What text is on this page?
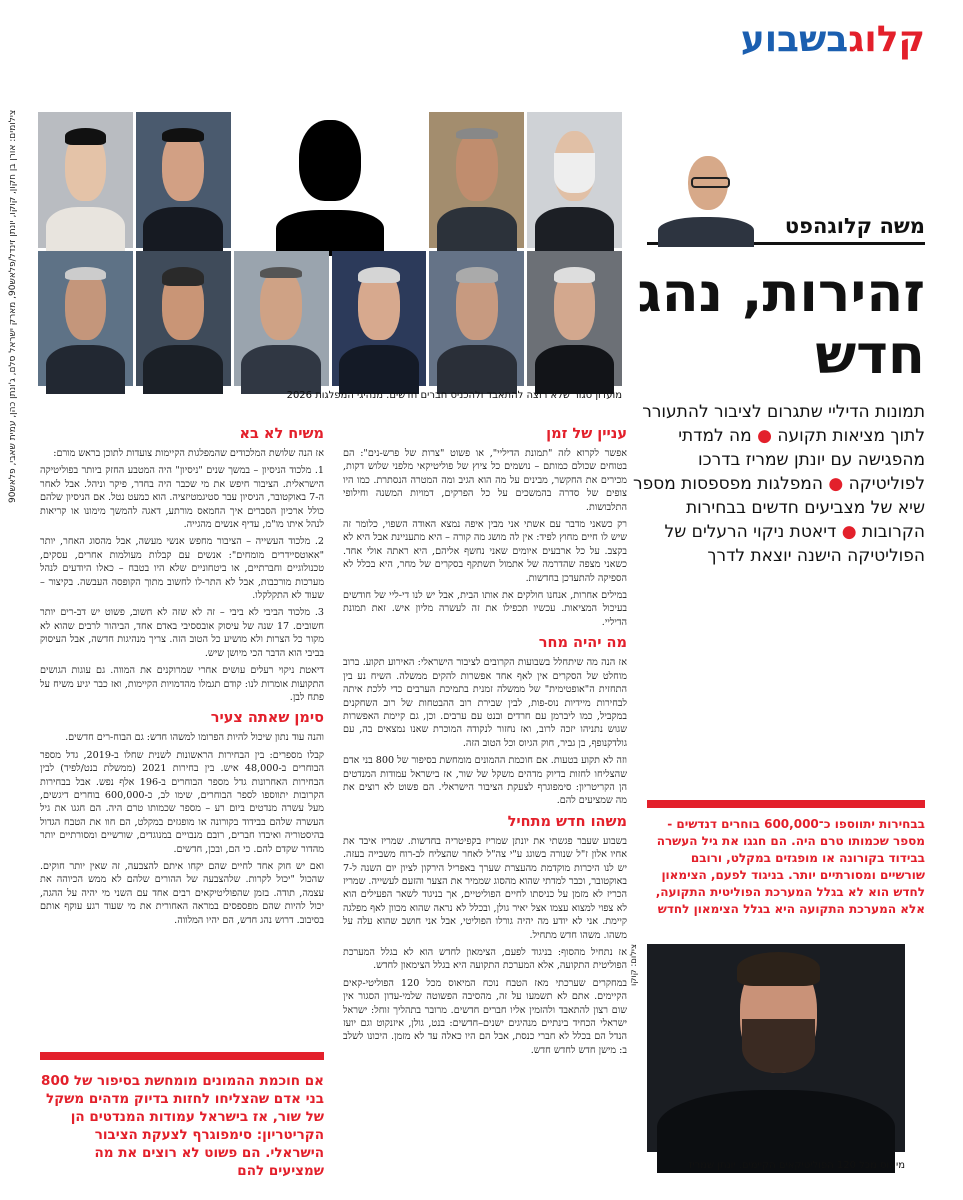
קלוגבשבוע
צילומים: אורן בן חקון, קוקו, יונתן זינדל/פלאש90, מארק ישראל סלם, ג'ונתן כהן, עמית שאבי, פלאש90
מועדון סגור שלא רוצה להתאבד ולהכניס חברים חדשים. מנהיגי המפלגות 2026
משה קלוגהפט
זהירות, נהג חדש
תמונות הדיליי שתגרום לציבור להתעורר לתוך מציאות תקועה ● מה למדתי מהפגישה עם יונתן שמריז בדרכו לפוליטיקה ● המפלגות מפספסות מספר שיא של מצביעים חדשים בבחירות הקרובות ● דיאטת ניקוי הרעלים של הפוליטיקה הישנה יוצאת לדרך
עניין של זמן

אפשר לקרוא לזה "תמונת הדיליי", או פשוט "צרות של פרש-נים": הם בטוחים שכולם כמותם – נושמים כל ציוץ של פוליטיקאי מלפני שלוש דקות, מכירים את החקשר, מבינים על מה הוא הגיב ומה המטרה הנסתרת. כמו היו צופים של סדרה בהמשכים על כל הפרקים, דמויות המשנה וחילופי התלבושות.

רק כשאני מדבר עם אשתי אני מבין איפה נמצא האודה השפוי, כלומר זה שיש לו חיים מחוץ לפיד: אין לה מושג מה קורה – היא מתעניינת אבל היא לא בקצב. על כל ארבעים איומים שאני נחשף אליהם, היא ראתה אולי אחד. כשאני מצפה שהדרמה של אתמול תשתקף בסקרים של מחר, היא בכלל לא הספיקה להתעדכן בחדשות.

במילים אחרות, אנחנו חולקים את אותו הבית, אבל יש לנו די-ליי של חודשים בעיכול המציאות. עכשיו תכפילו את זה לעשרה מליון איש. זאת תמונת הדיליי.

מה יהיה מחר

אז הנה מה שיתחלל בשבועות הקרובים לציבור הישראלי: האירוע תקוע. ברוב מוחלט של הסקרים אין לאף אחד אפשרות להקים ממשלה. השיח נע בין התחזית ה"אופטימית" של ממשלה זמנית בתמיכת הערבים כדי ללכת איתה לבחירות מיידיות נוס-פות, לבין שבירת רוב ההבטחות של רוב השחקנים במקביל, כמו ליברמן עם חרדים ובנט עם ערבים. וכן, גם קיימת האפשרות שגוש נתניהו יזכה לרוב, ואז נחזור לנקודה המוכרת שאנו נמצאים בה, עם גולדקנופף, בן גביר, חוק הגיוס וכל הטוב הזה.

וזה לא תקוע בטעות. אם חוכמת ההמונים מומחשת בסיפור של 800 בני אדם שהצליחו לחזות בדיוק מדהים משקל של שור, אז בישראל עמודות המנדטים הן הקריטריון: סימפוגרף לצעקת הציבור הישראלי. הם פשוט לא רוצים את מה שמציעים להם.

משהו חדש מתחיל

בשבוע שעבר פגשתי את יונתן שמריז בקפיטריה בחדשות. שמריז איבד את אחיו אלון ז"ל שנורה בשוגג ע"י צה"ל לאחר שהצליח לב-רוח משבייה בעזה. יש לנו היכרות מוקדמת מהעצרת שערך באפריל הירקון לציון יום השנה ל-7 באוקטובר, וכבר למדתי שהוא מהסוג שממיר את הצער והזעם לעשייה. שמריז הכריז לא מזמן על כניסתו לחיים הפוליטיים, אך בניגוד לשאר הפעילים הוא לא צפוי למצוא עצמו אצל יאיר גולן, ובכלל לא נראה שהוא מכוון לאף מפלגה קיימת. אני לא יודע מה יהיה גורלו הפוליטי, אבל אני חושב שהוא עלה על משהו. משהו חדש מתחיל.

אז נתחיל מהסוף: בניגוד לפעם, הצימאון לחדש הוא לא בגלל המערכת הפוליטית התקועה, אלא המערכת התקועה היא בגלל הצימאון לחדש.

במחקרים שערכתי מאז הטבח נוכח המיאוס מכל 120 הפוליטי-קאים הקיימים. אתם לא תשמעו על זה, מהסיבה הפשוטה שלמי-עדון הסגור אין שום רצון להתאבד ולהזמין אליו חברים חדשים. מרובר בתהליך זוחל: ישראל ישראלי הכחיד בינתיים מנהיגים ישנים–חדשים: בנט, גולן, איזנקוט וגם יועז הנדל הם בכלל לא חברי כנסת, אבל הם היו כאלה עד לא מזמן. היכונו לשלב ב: מישן חדש לחדש חדש.

משיח לא בא

אז הנה שלושת המלכודים שהמפלגות הקיימות צועדות לתוכן בראש מורם:

1. מלכוד הניסיון – במשך שנים "ניסיון" היה המטבע החזק ביותר בפוליטיקה הישראלית. הציבור חיפש את מי שכבר היה בחדר, פיקר וניהל. אבל לאחר ה-7 באוקטובר, הניסיון עבר סטיגמטיזציה. הוא כמעט נטל. אם הניסיון שלהם כולל ארכיון הסברים איך החמאס מורתע, דאגה להמשך מימונו או קריאות לנהל איתו מו"מ, עדיף אנשים מהגייה.

2. מלכוד העשייה – הציבור מחפש אנשי מעשה, אבל מהסוג האחר, יותר "אאוטסיידרים מומחים": אנשים עם קבלות מעולמות אחרים, עסקים, טכנולוגיים וחברתיים, או ביטחוניים שלא היו בטבח – כאלו היודעים לנהל מערכות מורכבות, אבל לא התר-לו לחשוב מתוך הקופסה העבשה. בקיצור – שעוד לא התקלקלו.

3. מלכוד הביבי לא ביבי – זה לא שזה לא חשוב, פשוט יש דב-רים יותר חשובים. 17 שנה של עיסוק אובססיבי באדם אחד, הביהור לרבים שהוא לא מקור כל הצרות ולא מושיע כל הטוב הזה. צריך מנהיגות חדשה, אבל העיסוק בביבי הוא הדבר הכי מיושן שיש.

דיאטת ניקוי רעלים עושים אחרי שמרוקנים את המווה. גם עוגות הגושים התקועות אומרות לנו: קודם תגמלו מהדמויות הקיימות, ואז כבר יגיע משיח על פתח לבן.

סימן שאתה צעיר

והנה עוד נתון שיכול להיות הפרומו למשהו חדש: גם הבוח-רים חדשים.

קבלו מספרים: בין הבחירות הראשונות לשנית שחלו ב-2019, גדל מספר הבוחרים ב-48,000 איש. בין בחירות 2021 (ממשלת בנט/לפיד) לבין הבחירות האחרונות גדל מספר הבוחרים ב-196 אלף נפש. אבל בבחירות הקרובות יתווספו לספר הבוחרים, שימו לב, כ-600,000 בוחרים דיגשים, מעל עשרה מנדטים ביום רע – מספר שכמותו טרם היה. הם חגגו את גיל העשרה שלהם בבידוד בקורונה או מופגזים במקלט, הם חוו את הטבח הגדול בהיסטוריה ואיבדו חברים, רובם מנבויים במנוגדים, שורשיים ומסורתיים יותר מהדור שקדם להם. כי הם, ובכן, חדשים.

ואם יש חוק אחד לחיים שהם יקחו איתם להצבעה, זה שאין יותר חוקים. שהכול "יכול לקרות. שלהצבעה של ההורים שלהם לא ממש הכיוהה את עצמה, תודה. בזמן שהפוליטיקאים רבים אחד עם השני מי יהיה על ההגה, יכול להיות שהם מפספסים במראה האחורית את מי שעוד רגע עוקף אותם בסיבוב. דרוש נהג חדש, הם יהיו המלווה.

אם חוכמת ההמונים מומחשת בסיפור של 800 בני אדם שהצליחו לחזות בדיוק מדהים משקל של שור, אז בישראל עמודות המנדטים הן הקריטריון: סימפוגרף לצעקת הציבור הישראלי. הם פשוט לא רוצים את מה שמציעים להם
בבחירות יתווספו כ־600,000 בוחרים דנדשים - מספר שכמותו טרם היה. הם חגגו את גיל העשרה בבידוד בקורונה או מופגזים במקלט, ורובם שורשיים ומסורתיים יותר. בניגוד לפעם, הצימאון לחדש הוא לא בגלל המערכת הפוליטית התקועה, אלא המערכת התקועה היא בגלל הצימאון לחדש
צילום: קוקו
מיאוס מכל 120 הפוליטיקאים הקיימים. יונתן שמריז
